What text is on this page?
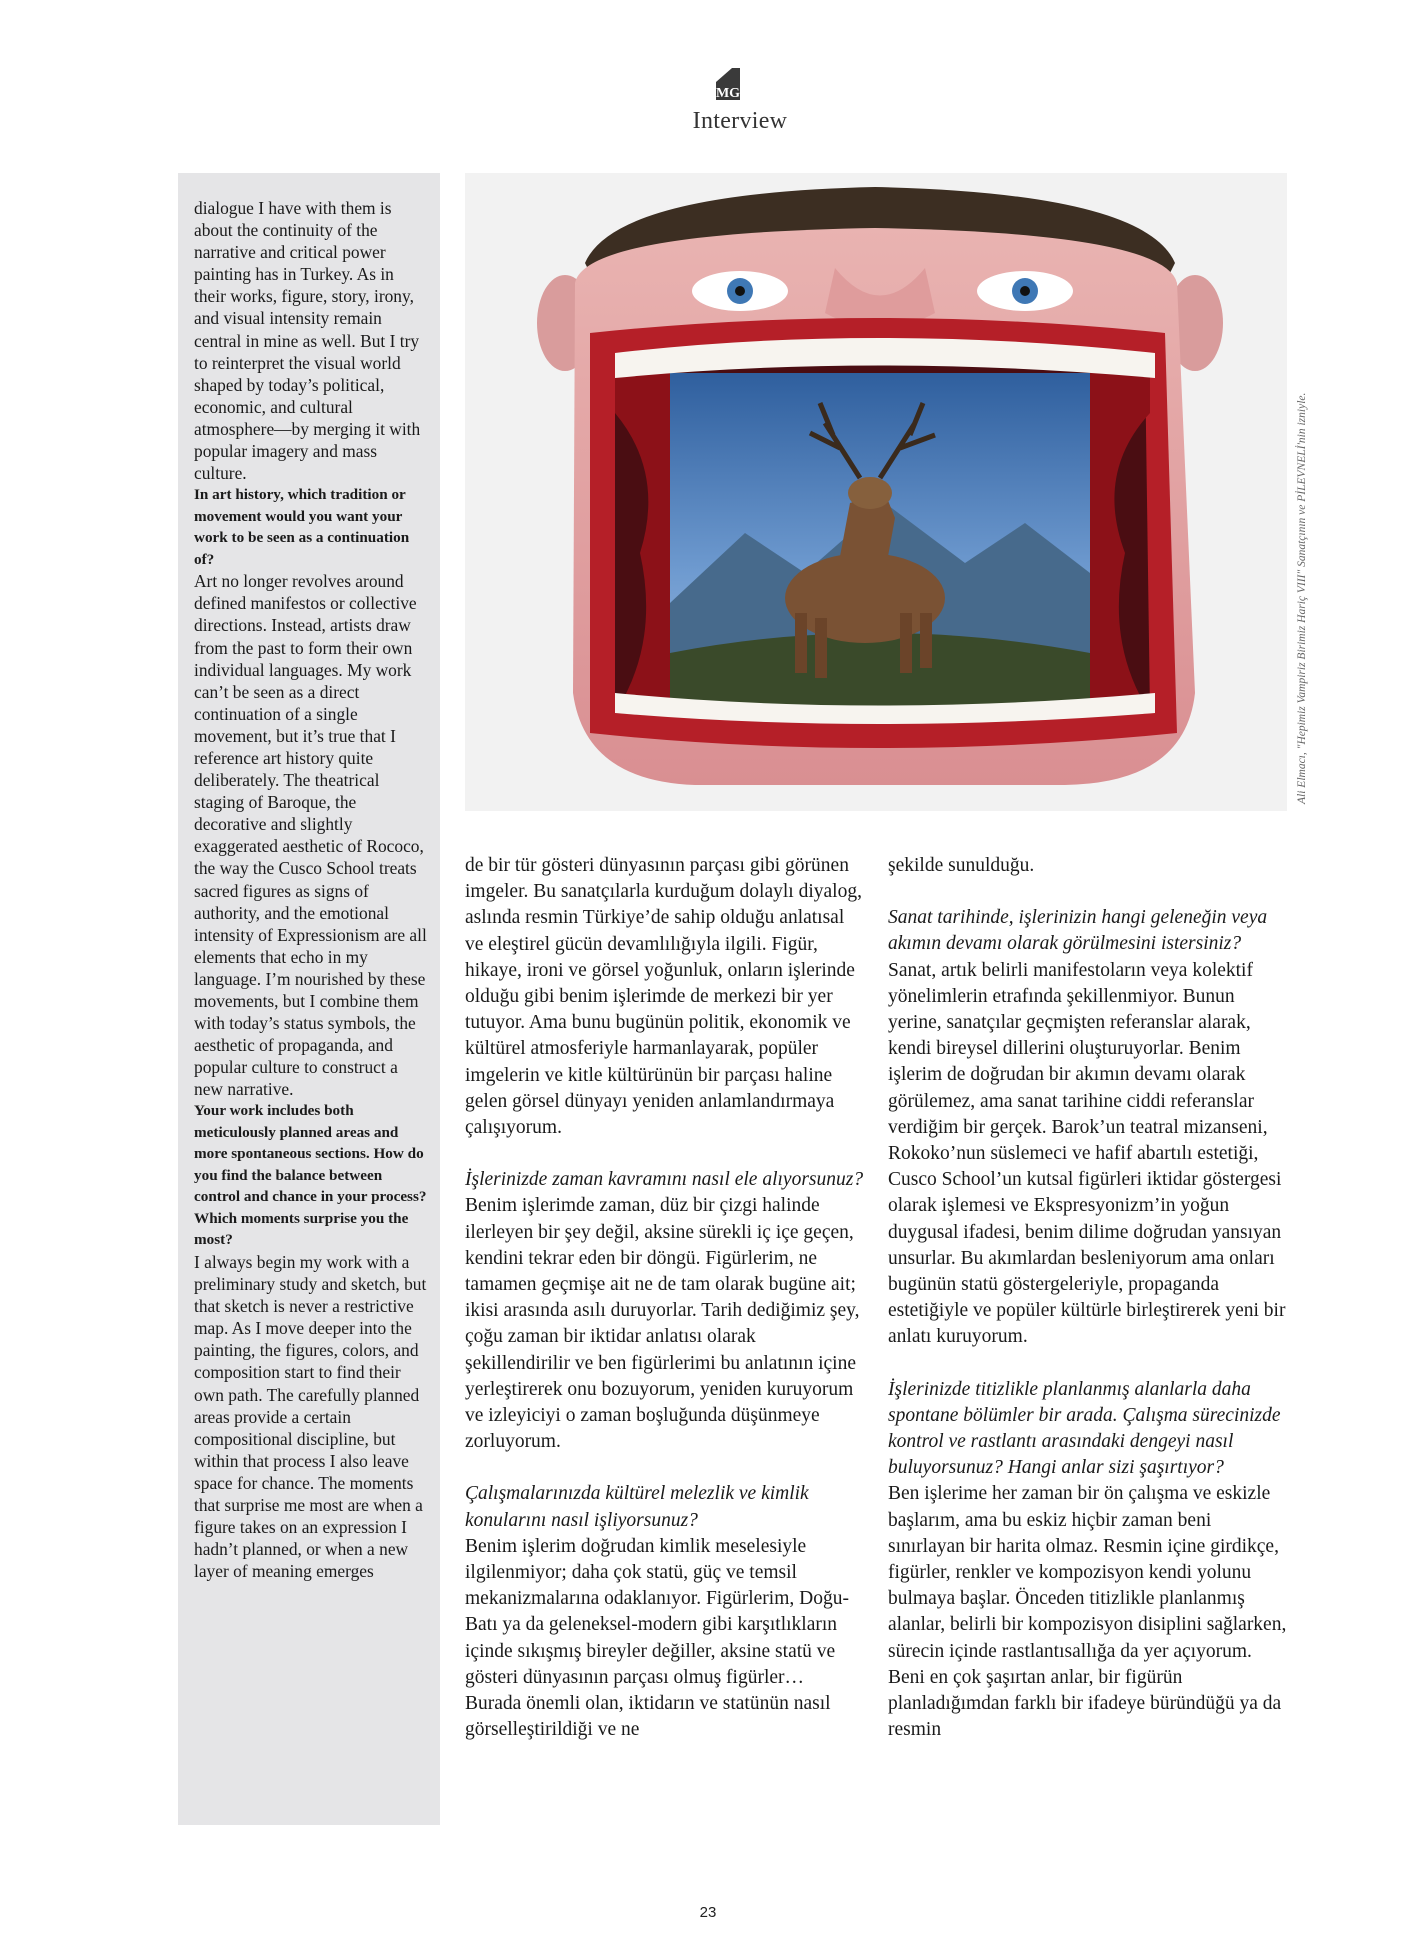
MG
Interview

dialogue I have with them is about the continuity of the narrative and critical power painting has in Turkey. As in their works, figure, story, irony, and visual intensity remain central in mine as well. But I try to reinterpret the visual world shaped by today’s political, economic, and cultural atmosphere—by merging it with popular imagery and mass culture.

In art history, which tradition or movement would you want your work to be seen as a continuation of?

Art no longer revolves around defined manifestos or collective directions. Instead, artists draw from the past to form their own individual languages. My work can’t be seen as a direct continuation of a single movement, but it’s true that I reference art history quite deliberately. The theatrical staging of Baroque, the decorative and slightly exaggerated aesthetic of Rococo, the way the Cusco School treats sacred figures as signs of authority, and the emotional intensity of Expressionism are all elements that echo in my language. I’m nourished by these movements, but I combine them with today’s status symbols, the aesthetic of propaganda, and popular culture to construct a new narrative.

Your work includes both meticulously planned areas and more spontaneous sections. How do you find the balance between control and chance in your process? Which moments surprise you the most?

I always begin my work with a preliminary study and sketch, but that sketch is never a restrictive map. As I move deeper into the painting, the figures, colors, and composition start to find their own path. The carefully planned areas provide a certain compositional discipline, but within that process I also leave space for chance. The moments that surprise me most are when a figure takes on an expression I hadn’t planned, or when a new layer of meaning emerges

Ali Elmacı, "Hepimiz Vampiriz Birimiz Hariç VIII" Sanatçının ve PİLEVNELİ'nin izniyle.

de bir tür gösteri dünyasının parçası gibi görünen imgeler. Bu sanatçılarla kurduğum dolaylı diyalog, aslında resmin Türkiye’de sahip olduğu anlatısal ve eleştirel gücün devamlılığıyla ilgili. Figür, hikaye, ironi ve görsel yoğunluk, onların işlerinde olduğu gibi benim işlerimde de merkezi bir yer tutuyor. Ama bunu bugünün politik, ekonomik ve kültürel atmosferiyle harmanlayarak, popüler imgelerin ve kitle kültürünün bir parçası haline gelen görsel dünyayı yeniden anlamlandırmaya çalışıyorum.

İşlerinizde zaman kavramını nasıl ele alıyorsunuz?

Benim işlerimde zaman, düz bir çizgi halinde ilerleyen bir şey değil, aksine sürekli iç içe geçen, kendini tekrar eden bir döngü. Figürlerim, ne tamamen geçmişe ait ne de tam olarak bugüne ait; ikisi arasında asılı duruyorlar. Tarih dediğimiz şey, çoğu zaman bir iktidar anlatısı olarak şekillendirilir ve ben figürlerimi bu anlatının içine yerleştirerek onu bozuyorum, yeniden kuruyorum ve izleyiciyi o zaman boşluğunda düşünmeye zorluyorum.

Çalışmalarınızda kültürel melezlik ve kimlik konularını nasıl işliyorsunuz?

Benim işlerim doğrudan kimlik meselesiyle ilgilenmiyor; daha çok statü, güç ve temsil mekanizmalarına odaklanıyor. Figürlerim, Doğu-Batı ya da geleneksel-modern gibi karşıtlıkların içinde sıkışmış bireyler değiller, aksine statü ve gösteri dünyasının parçası olmuş figürler… Burada önemli olan, iktidarın ve statünün nasıl görselleştirildiği ve ne

şekilde sunulduğu.

Sanat tarihinde, işlerinizin hangi geleneğin veya akımın devamı olarak görülmesini istersiniz?

Sanat, artık belirli manifestoların veya kolektif yönelimlerin etrafında şekillenmiyor. Bunun yerine, sanatçılar geçmişten referanslar alarak, kendi bireysel dillerini oluşturuyorlar. Benim işlerim de doğrudan bir akımın devamı olarak görülemez, ama sanat tarihine ciddi referanslar verdiğim bir gerçek. Barok’un teatral mizanseni, Rokoko’nun süslemeci ve hafif abartılı estetiği, Cusco School’un kutsal figürleri iktidar göstergesi olarak işlemesi ve Ekspresyonizm’in yoğun duygusal ifadesi, benim dilime doğrudan yansıyan unsurlar. Bu akımlardan besleniyorum ama onları bugünün statü göstergeleriyle, propaganda estetiğiyle ve popüler kültürle birleştirerek yeni bir anlatı kuruyorum.

İşlerinizde titizlikle planlanmış alanlarla daha spontane bölümler bir arada. Çalışma sürecinizde kontrol ve rastlantı arasındaki dengeyi nasıl buluyorsunuz? Hangi anlar sizi şaşırtıyor?

Ben işlerime her zaman bir ön çalışma ve eskizle başlarım, ama bu eskiz hiçbir zaman beni sınırlayan bir harita olmaz. Resmin içine girdikçe, figürler, renkler ve kompozisyon kendi yolunu bulmaya başlar. Önceden titizlikle planlanmış alanlar, belirli bir kompozisyon disiplini sağlarken, sürecin içinde rastlantısallığa da yer açıyorum. Beni en çok şaşırtan anlar, bir figürün planladığımdan farklı bir ifadeye büründüğü ya da resmin

23
